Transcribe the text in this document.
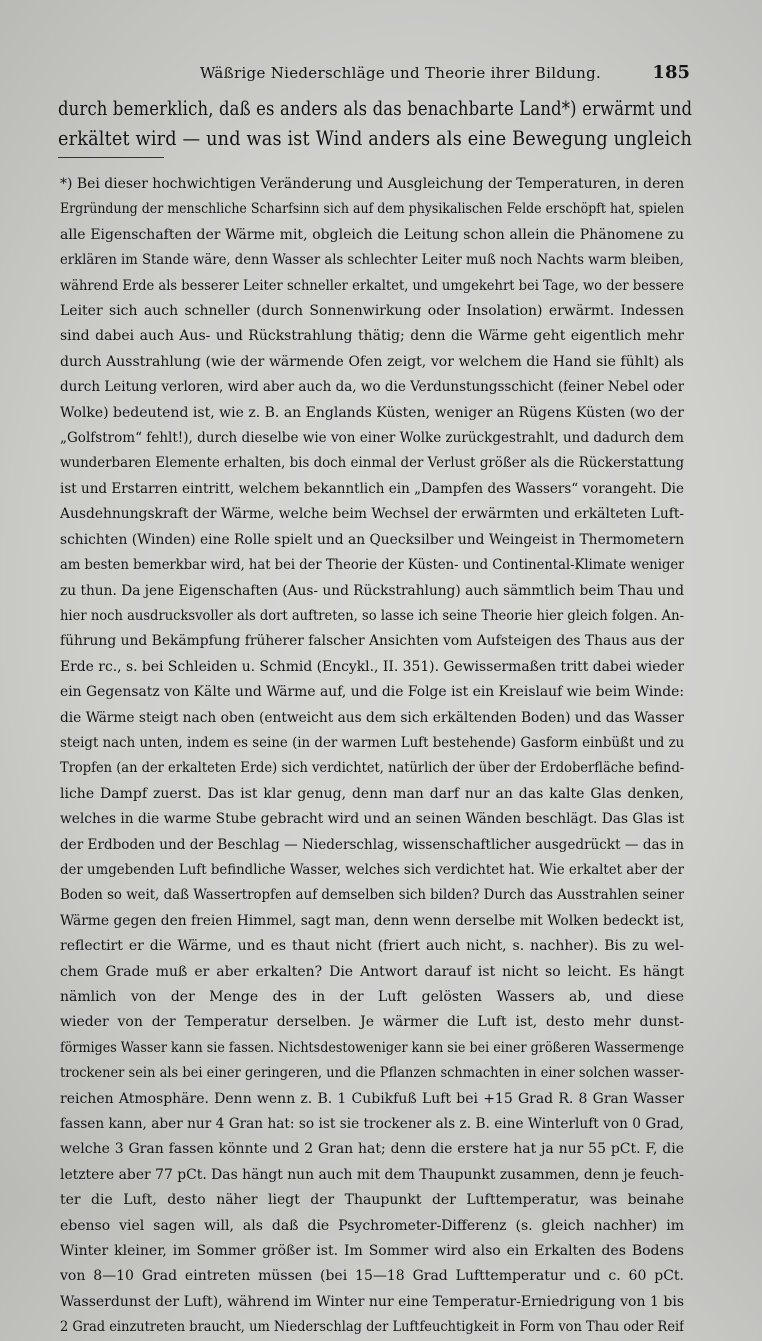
Wäßrige Niederschläge und Theorie ihrer Bildung.	185
durch bemerklich, daß es anders als das benachbarte Land*) erwärmt und
erkältet wird — und was ist Wind anders als eine Bewegung ungleich
*) Bei dieser hochwichtigen Veränderung und Ausgleichung der Temperaturen, in deren
Ergründung der menschliche Scharfsinn sich auf dem physikalischen Felde erschöpft hat, spielen
alle Eigenschaften der Wärme mit, obgleich die Leitung schon allein die Phänomene zu
erklären im Stande wäre, denn Wasser als schlechter Leiter muß noch Nachts warm bleiben,
während Erde als besserer Leiter schneller erkaltet, und umgekehrt bei Tage, wo der bessere
Leiter sich auch schneller (durch Sonnenwirkung oder Insolation) erwärmt. Indessen
sind dabei auch Aus- und Rückstrahlung thätig; denn die Wärme geht eigentlich mehr
durch Ausstrahlung (wie der wärmende Ofen zeigt, vor welchem die Hand sie fühlt) als
durch Leitung verloren, wird aber auch da, wo die Verdunstungsschicht (feiner Nebel oder
Wolke) bedeutend ist, wie z. B. an Englands Küsten, weniger an Rügens Küsten (wo der
„Golfstrom“ fehlt!), durch dieselbe wie von einer Wolke zurückgestrahlt, und dadurch dem
wunderbaren Elemente erhalten, bis doch einmal der Verlust größer als die Rückerstattung
ist und Erstarren eintritt, welchem bekanntlich ein „Dampfen des Wassers“ vorangeht. Die
Ausdehnungskraft der Wärme, welche beim Wechsel der erwärmten und erkälteten Luft-
schichten (Winden) eine Rolle spielt und an Quecksilber und Weingeist in Thermometern
am besten bemerkbar wird, hat bei der Theorie der Küsten- und Continental-Klimate weniger
zu thun. Da jene Eigenschaften (Aus- und Rückstrahlung) auch sämmtlich beim Thau und
hier noch ausdrucksvoller als dort auftreten, so lasse ich seine Theorie hier gleich folgen. An-
führung und Bekämpfung früherer falscher Ansichten vom Aufsteigen des Thaus aus der
Erde rc., s. bei Schleiden u. Schmid (Encykl., II. 351). Gewissermaßen tritt dabei wieder
ein Gegensatz von Kälte und Wärme auf, und die Folge ist ein Kreislauf wie beim Winde:
die Wärme steigt nach oben (entweicht aus dem sich erkältenden Boden) und das Wasser
steigt nach unten, indem es seine (in der warmen Luft bestehende) Gasform einbüßt und zu
Tropfen (an der erkalteten Erde) sich verdichtet, natürlich der über der Erdoberfläche befind-
liche Dampf zuerst. Das ist klar genug, denn man darf nur an das kalte Glas denken,
welches in die warme Stube gebracht wird und an seinen Wänden beschlägt. Das Glas ist
der Erdboden und der Beschlag — Niederschlag, wissenschaftlicher ausgedrückt — das in
der umgebenden Luft befindliche Wasser, welches sich verdichtet hat. Wie erkaltet aber der
Boden so weit, daß Wassertropfen auf demselben sich bilden? Durch das Ausstrahlen seiner
Wärme gegen den freien Himmel, sagt man, denn wenn derselbe mit Wolken bedeckt ist,
reflectirt er die Wärme, und es thaut nicht (friert auch nicht, s. nachher). Bis zu wel-
chem Grade muß er aber erkalten? Die Antwort darauf ist nicht so leicht. Es hängt
nämlich von der Menge des in der Luft gelösten Wassers ab, und diese
wieder von der Temperatur derselben. Je wärmer die Luft ist, desto mehr dunst-
förmiges Wasser kann sie fassen. Nichtsdestoweniger kann sie bei einer größeren Wassermenge
trockener sein als bei einer geringeren, und die Pflanzen schmachten in einer solchen wasser-
reichen Atmosphäre. Denn wenn z. B. 1 Cubikfuß Luft bei +15 Grad R. 8 Gran Wasser
fassen kann, aber nur 4 Gran hat: so ist sie trockener als z. B. eine Winterluft von 0 Grad,
welche 3 Gran fassen könnte und 2 Gran hat; denn die erstere hat ja nur 55 pCt. F, die
letztere aber 77 pCt. Das hängt nun auch mit dem Thaupunkt zusammen, denn je feuch-
ter die Luft, desto näher liegt der Thaupunkt der Lufttemperatur, was beinahe
ebenso viel sagen will, als daß die Psychrometer-Differenz (s. gleich nachher) im
Winter kleiner, im Sommer größer ist. Im Sommer wird also ein Erkalten des Bodens
von 8—10 Grad eintreten müssen (bei 15—18 Grad Lufttemperatur und c. 60 pCt.
Wasserdunst der Luft), während im Winter nur eine Temperatur-Erniedrigung von 1 bis
2 Grad einzutreten braucht, um Niederschlag der Luftfeuchtigkeit in Form von Thau oder Reif
